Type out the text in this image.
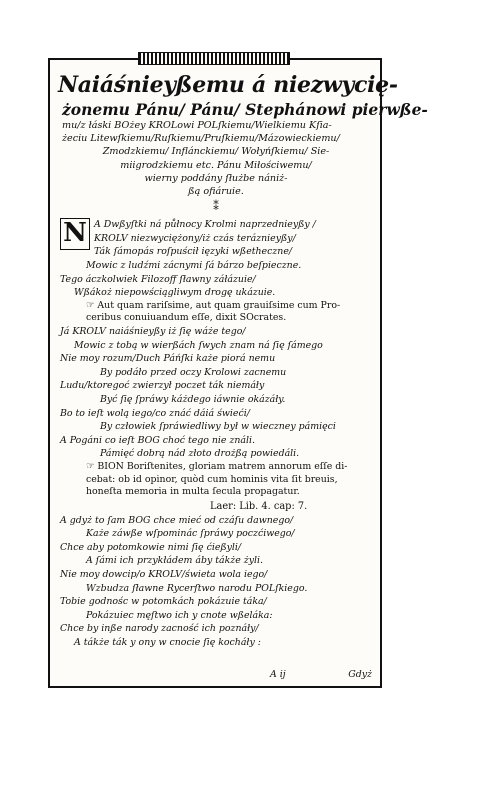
Naiáśnieyßemu á niezwycię-
żonemu Pánu/ Pánu/ Stephánowi pierwße-
mu/z łáski BOżey KROLowi POLſkiemu/Wielkiemu Kſia-
żeciu Litewſkiemu/Ruſkiemu/Pruſkiemu/Mázowieckiemu/
Zmodzkiemu/ Inflánckiemu/ Wołyńſkiemu/ Sie-
miigrodzkiemu etc. Pánu Miłościwemu/
wierny poddány ſłużbe nániż-
ßą ofiáruie.
⁑
N A Dwßyſtki ná půłnocy Krolmi naprzednieyßy /
KROLV niezwyciężony/iż czás teráznieyßy/
Ták ſámopás roſpuścił ięzyki wßetheczne/
Mowic z ludźmi zácnymi ſá bárzo beſpieczne.
Tego áczkolwiek Filozoff ſławny záłázuie/
Wßákoż niepowściągliwym drogę ukázuie.
☞ Aut quam rariſsime, aut quam grauiſsime cum Pro-
ceribus conuiuandum eſſe, dixit SOcrates.
Já KROLV naiáśnieyßy iż ſię wáże tego/
Mowic z tobą w wierßách ſwych znam ná ſię ſámego
Nie moy rozum/Duch Páńſki każe piorá nemu
By podáło przed oczy Krolowi zacnemu
Ludu/ktoregoć zwierzył poczet ták niemáły
Być ſię ſpráwy káżdego iáwnie okázáły.
Bo to ieſt wolą iego/co znáć dáiá świeći/
By człowiek ſpráwiedliwy był w wieczney pámięci
A Pogáni co ieſt BOG choć tego nie ználi.
Pámięć dobrą nád złoto drożßą powiedáli.
☞ BION Boriſtenites, gloriam matrem annorum eſſe di-
cebat: ob id opinor, quòd cum hominis vita ſit breuis,
honeſta memoria in multa ſecula propagatur.
Laer: Lib. 4. cap: 7.
A gdyż to ſam BOG chce mieć od czáſu dawnego/
Każe záwße wſpominác ſpráwy poczćiwego/
Chce aby potomkowie nimi ſię ćießyli/
A ſámi ich przykłádem áby tákże żyli.
Nie moy dowcip/o KROLV/świeta wola iego/
Wzbudza ſławne Rycerſtwo narodu POLſkiego.
Tobie godnośc w potomkách pokázuie táka/
Pokázuiec męſtwo ich y cnote wßeláka:
Chce by inße narody zacność ich poznáły/
A tákże ták y ony w cnocie ſię kocháły :
A ij	Gdyż
